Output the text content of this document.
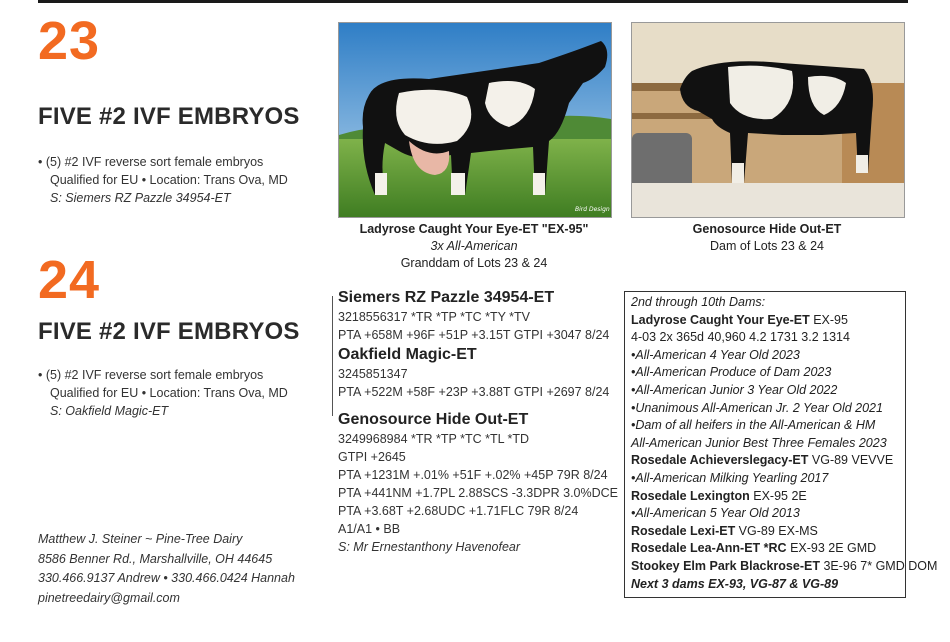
23
FIVE #2 IVF EMBRYOS
• (5) #2 IVF reverse sort female embryos
Qualified for EU • Location: Trans Ova, MD
S: Siemers RZ Pazzle 34954-ET
24
FIVE #2 IVF EMBRYOS
• (5) #2 IVF reverse sort female embryos
Qualified for EU • Location: Trans Ova, MD
S: Oakfield Magic-ET
Bird Design
Ladyrose Caught Your Eye-ET "EX-95"
3x All-American
Granddam of Lots 23 & 24
Genosource Hide Out-ET
Dam of Lots 23 & 24
Siemers RZ Pazzle 34954-ET
3218556317 *TR *TP *TC *TY *TV
PTA +658M +96F +51P +3.15T GTPI +3047 8/24
Oakfield Magic-ET
3245851347
PTA +522M +58F +23P +3.88T GTPI +2697 8/24
Genosource Hide Out-ET
3249968984 *TR *TP *TC *TL *TD
GTPI +2645
PTA +1231M +.01% +51F +.02% +45P 79R 8/24
PTA +441NM +1.7PL 2.88SCS -3.3DPR 3.0%DCE
PTA +3.68T +2.68UDC +1.71FLC 79R 8/24
A1/A1 • BB
S: Mr Ernestanthony Havenofear
2nd through 10th Dams:
Ladyrose Caught Your Eye-ET EX-95
4-03 2x 365d 40,960 4.2 1731 3.2 1314
•All-American 4 Year Old 2023
•All-American Produce of Dam 2023
•All-American Junior 3 Year Old 2022
•Unanimous All-American Jr. 2 Year Old 2021
•Dam of all heifers in the All-American & HM
All-American Junior Best Three Females 2023
Rosedale Achieverslegacy-ET VG-89 VEVVE
•All-American Milking Yearling 2017
Rosedale Lexington EX-95 2E
•All-American 5 Year Old 2013
Rosedale Lexi-ET VG-89 EX-MS
Rosedale Lea-Ann-ET *RC EX-93 2E GMD
Stookey Elm Park Blackrose-ET 3E-96 7* GMD DOM
Next 3 dams EX-93, VG-87 & VG-89
Matthew J. Steiner ~ Pine-Tree Dairy
8586 Benner Rd., Marshallville, OH 44645
330.466.9137 Andrew • 330.466.0424 Hannah
pinetreedairy@gmail.com
